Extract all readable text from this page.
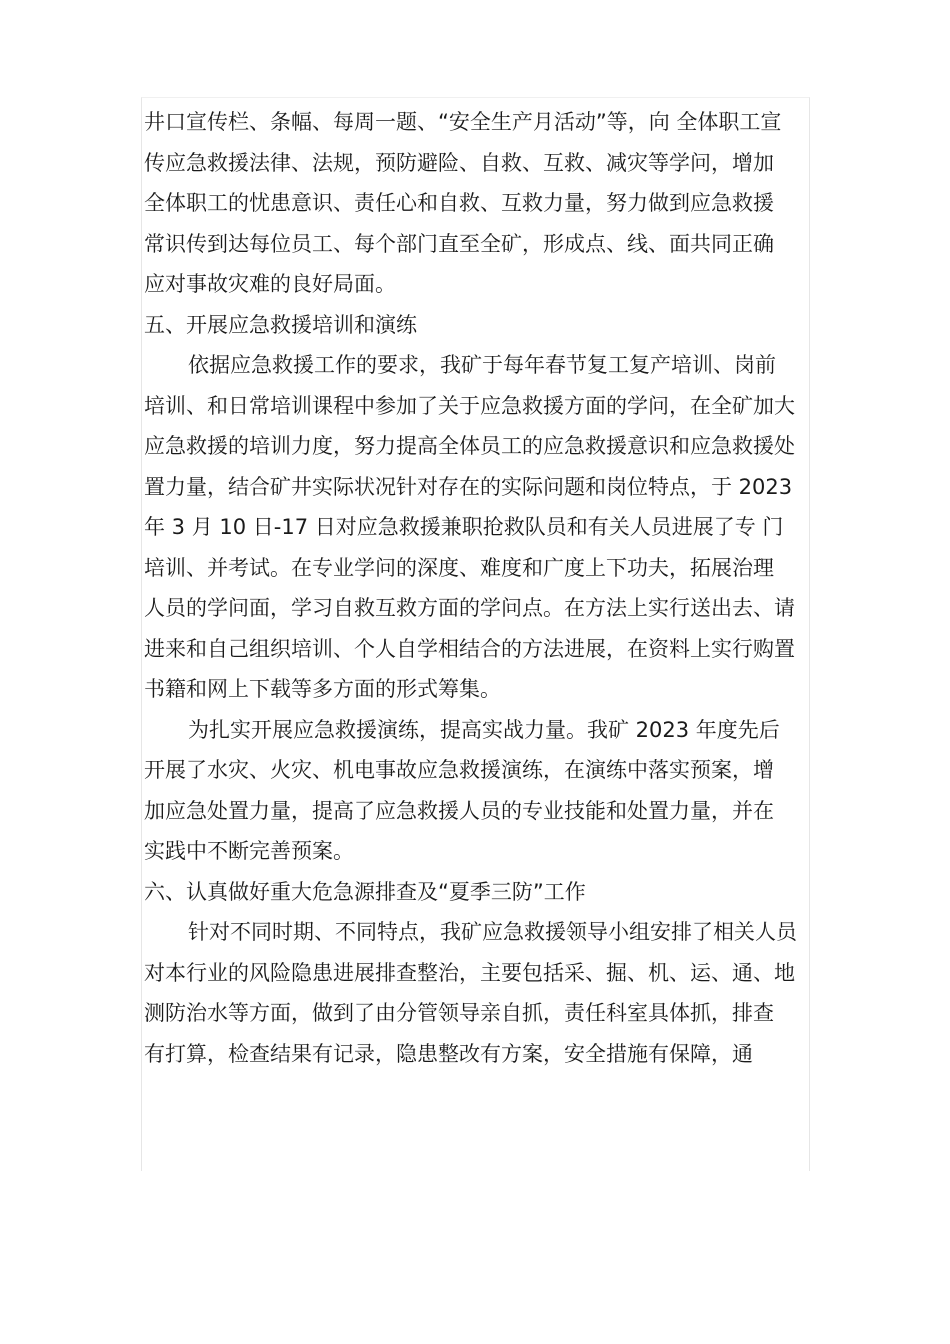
井口宣传栏、条幅、每周一题、“安全生产月活动”等，向 全体职工宣
传应急救援法律、法规，预防避险、自救、互救、减灾等学问，增加
全体职工的忧患意识、责任心和自救、互救力量，努力做到应急救援
常识传到达每位员工、每个部门直至全矿，形成点、线、面共同正确
应对事故灾难的良好局面。
五、开展应急救援培训和演练
依据应急救援工作的要求，我矿于每年春节复工复产培训、岗前
培训、和日常培训课程中参加了关于应急救援方面的学问，在全矿加大
应急救援的培训力度，努力提高全体员工的应急救援意识和应急救援处
置力量，结合矿井实际状况针对存在的实际问题和岗位特点，于 2023
年 3 月 10 日-17 日对应急救援兼职抢救队员和有关人员进展了专 门
培训、并考试。在专业学问的深度、难度和广度上下功夫，拓展治理
人员的学问面，学习自救互救方面的学问点。在方法上实行送出去、请
进来和自己组织培训、个人自学相结合的方法进展，在资料上实行购置
书籍和网上下载等多方面的形式筹集。
为扎实开展应急救援演练，提高实战力量。我矿 2023 年度先后
开展了水灾、火灾、机电事故应急救援演练，在演练中落实预案，增
加应急处置力量，提高了应急救援人员的专业技能和处置力量，并在
实践中不断完善预案。
六、认真做好重大危急源排查及“夏季三防”工作
针对不同时期、不同特点，我矿应急救援领导小组安排了相关人员
对本行业的风险隐患进展排查整治，主要包括采、掘、机、运、通、地
测防治水等方面，做到了由分管领导亲自抓，责任科室具体抓，排查
有打算，检查结果有记录，隐患整改有方案，安全措施有保障，通
